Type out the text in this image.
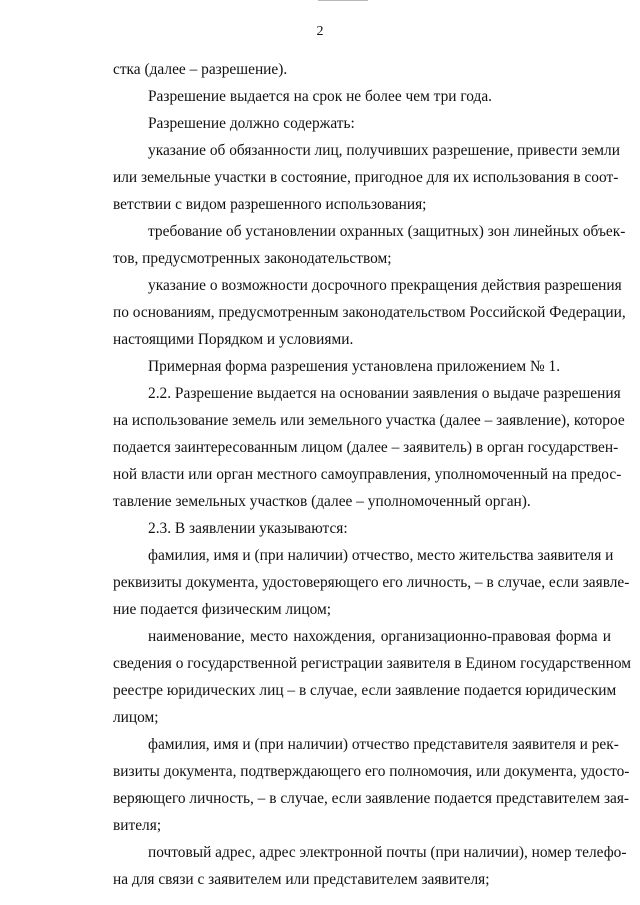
2
стка (далее – разрешение).
Разрешение выдается на срок не более чем три года.
Разрешение должно содержать:
указание об обязанности лиц, получивших разрешение, привести земли
или земельные участки в состояние, пригодное для их использования в соот-
ветствии с видом разрешенного использования;
требование об установлении охранных (защитных) зон линейных объек-
тов, предусмотренных законодательством;
указание о возможности досрочного прекращения действия разрешения
по основаниям, предусмотренным законодательством Российской Федерации,
настоящими Порядком и условиями.
Примерная форма разрешения установлена приложением № 1.
2.2. Разрешение выдается на основании заявления о выдаче разрешения
на использование земель или земельного участка (далее – заявление), которое
подается заинтересованным лицом (далее – заявитель) в орган государствен-
ной власти или орган местного самоуправления, уполномоченный на предос-
тавление земельных участков (далее – уполномоченный орган).
2.3. В заявлении указываются:
фамилия, имя и (при наличии) отчество, место жительства заявителя и
реквизиты документа, удостоверяющего его личность, – в случае, если заявле-
ние подается физическим лицом;
наименование, место нахождения, организационно-правовая форма и
сведения о государственной регистрации заявителя в Едином государственном
реестре юридических лиц – в случае, если заявление подается юридическим
лицом;
фамилия, имя и (при наличии) отчество представителя заявителя и рек-
визиты документа, подтверждающего его полномочия, или документа, удосто-
веряющего личность, – в случае, если заявление подается представителем зая-
вителя;
почтовый адрес, адрес электронной почты (при наличии), номер телефо-
на для связи с заявителем или представителем заявителя;
